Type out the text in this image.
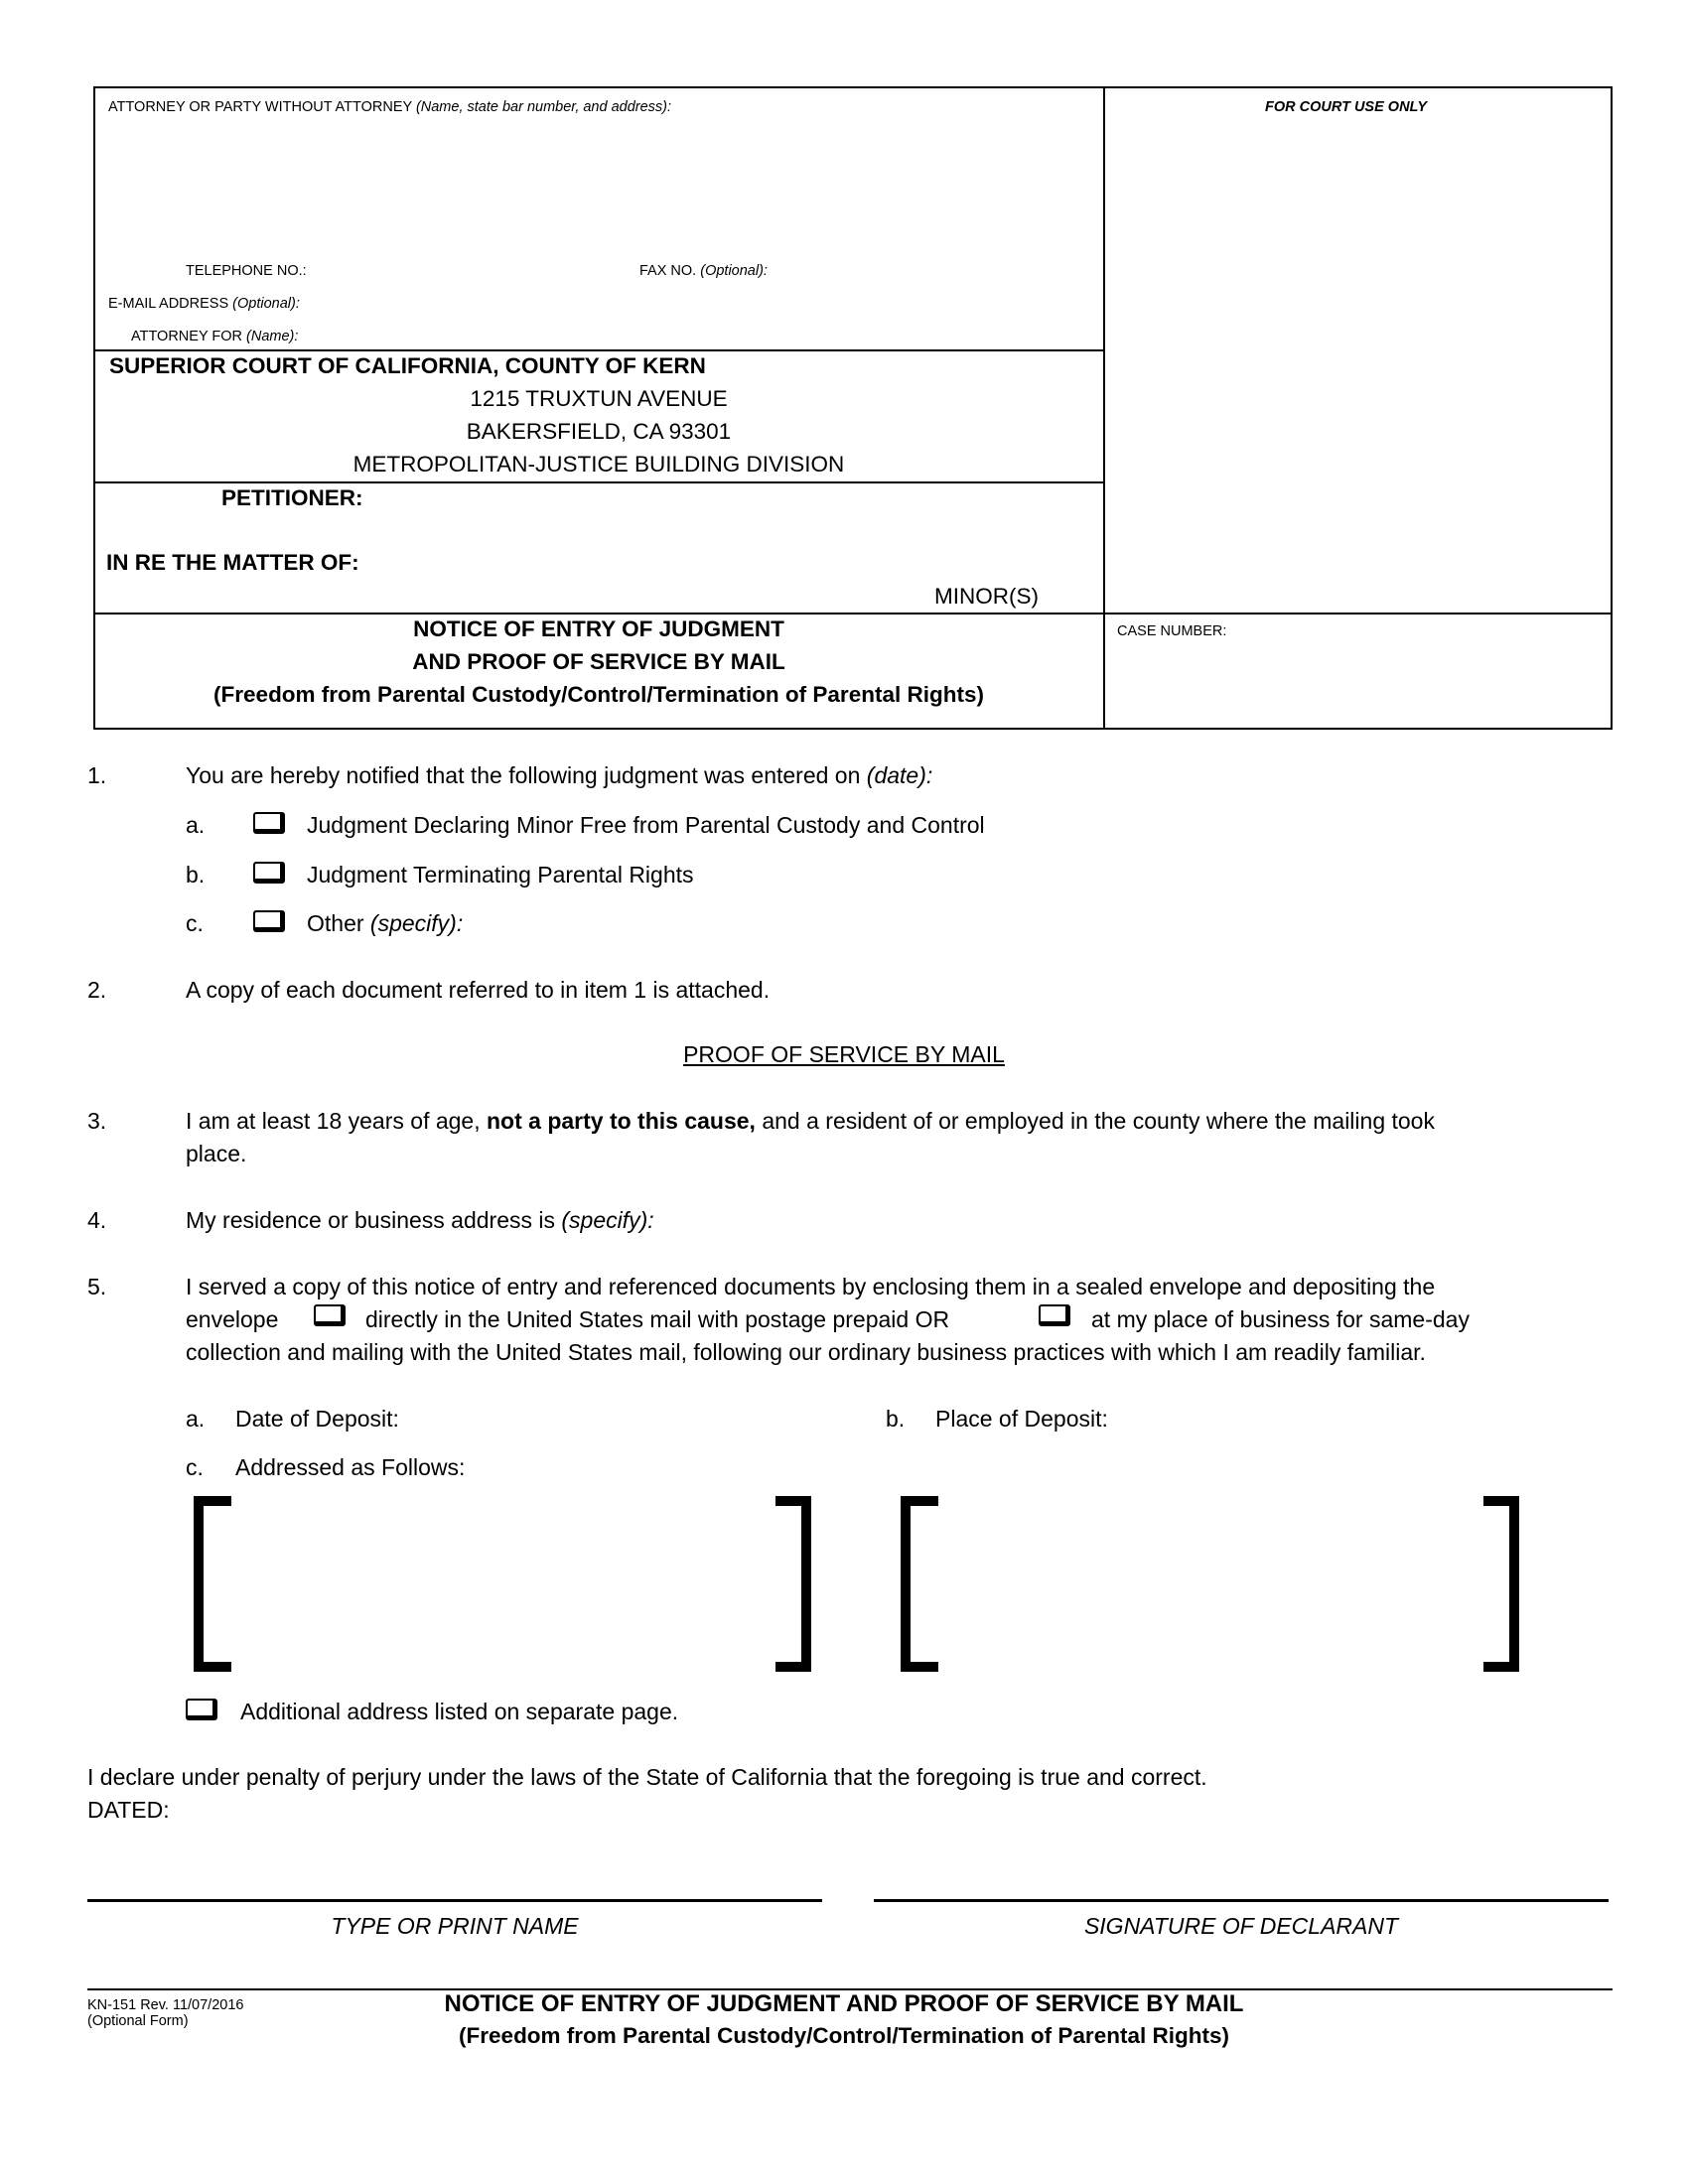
ATTORNEY OR PARTY WITHOUT ATTORNEY (Name, state bar number, and address):	FOR COURT USE ONLY
TELEPHONE NO.:	FAX NO. (Optional):
E-MAIL ADDRESS (Optional):
ATTORNEY FOR (Name):
SUPERIOR COURT OF CALIFORNIA, COUNTY OF KERN
1215 TRUXTUN AVENUE
BAKERSFIELD, CA 93301
METROPOLITAN-JUSTICE BUILDING DIVISION
PETITIONER:
IN RE THE MATTER OF:
MINOR(S)
NOTICE OF ENTRY OF JUDGMENT
AND PROOF OF SERVICE BY MAIL
(Freedom from Parental Custody/Control/Termination of Parental Rights)
CASE NUMBER:
1.	You are hereby notified that the following judgment was entered on (date):
a.	Judgment Declaring Minor Free from Parental Custody and Control
b.	Judgment Terminating Parental Rights
c.	Other (specify):
2.	A copy of each document referred to in item 1 is attached.
PROOF OF SERVICE BY MAIL
3.	I am at least 18 years of age, not a party to this cause, and a resident of or employed in the county where the mailing took
place.
4.	My residence or business address is (specify):
5.	I served a copy of this notice of entry and referenced documents by enclosing them in a sealed envelope and depositing the
envelope	directly in the United States mail with postage prepaid OR	at my place of business for same-day
collection and mailing with the United States mail, following our ordinary business practices with which I am readily familiar.
a. Date of Deposit:	b. Place of Deposit:
c. Addressed as Follows:
Additional address listed on separate page.
I declare under penalty of perjury under the laws of the State of California that the foregoing is true and correct.
DATED:
TYPE OR PRINT NAME	SIGNATURE OF DECLARANT
KN-151 Rev. 11/07/2016
(Optional Form)
NOTICE OF ENTRY OF JUDGMENT AND PROOF OF SERVICE BY MAIL
(Freedom from Parental Custody/Control/Termination of Parental Rights)
